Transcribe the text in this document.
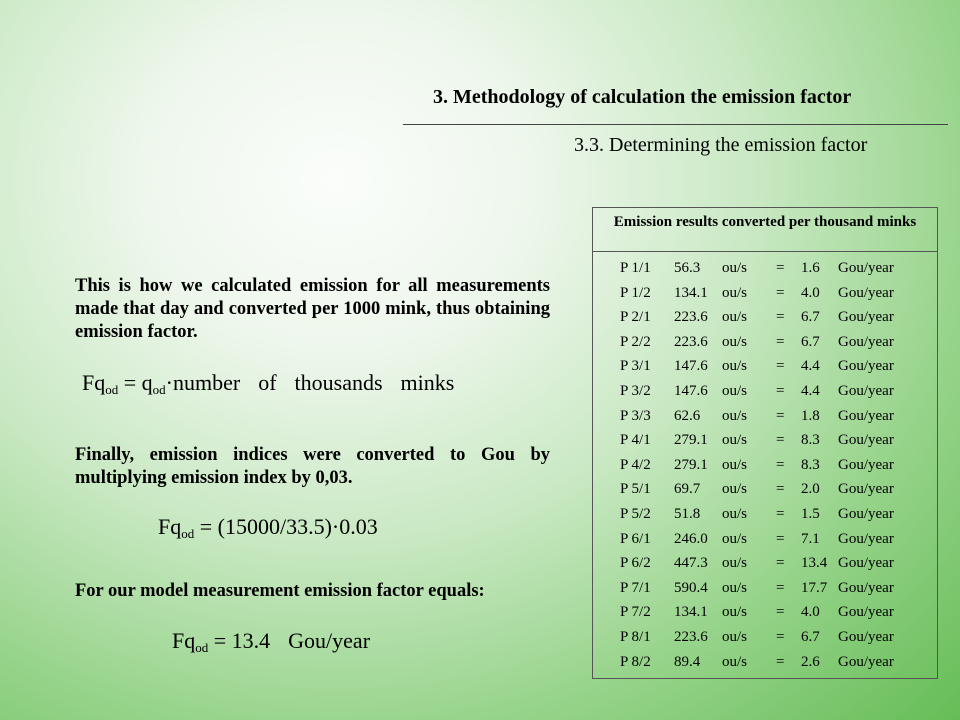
3. Methodology of calculation the emission factor
3.3. Determining the emission factor
This is how we calculated emission for all measurements made that day and converted per 1000 mink, thus obtaining emission factor.
$Fq_{od}$ = $q_{od}\cdot number$ of thousands minks
Finally, emission indices were converted to Gou by multiplying emission index by 0,03.
$Fq_{od} = (15000/33.5)\cdot 0.03$
For our model measurement emission factor equals:
$Fq_{od} = 13.4$ Gou/year
Emission results converted per thousand minks
P 1/1 56.3 ou/s = 1.6 Gou/year
P 1/2 134.1 ou/s = 4.0 Gou/year
P 2/1 223.6 ou/s = 6.7 Gou/year
P 2/2 223.6 ou/s = 6.7 Gou/year
P 3/1 147.6 ou/s = 4.4 Gou/year
P 3/2 147.6 ou/s = 4.4 Gou/year
P 3/3 62.6 ou/s = 1.8 Gou/year
P 4/1 279.1 ou/s = 8.3 Gou/year
P 4/2 279.1 ou/s = 8.3 Gou/year
P 5/1 69.7 ou/s = 2.0 Gou/year
P 5/2 51.8 ou/s = 1.5 Gou/year
P 6/1 246.0 ou/s = 7.1 Gou/year
P 6/2 447.3 ou/s = 13.4 Gou/year
P 7/1 590.4 ou/s = 17.7 Gou/year
P 7/2 134.1 ou/s = 4.0 Gou/year
P 8/1 223.6 ou/s = 6.7 Gou/year
P 8/2 89.4 ou/s = 2.6 Gou/year
